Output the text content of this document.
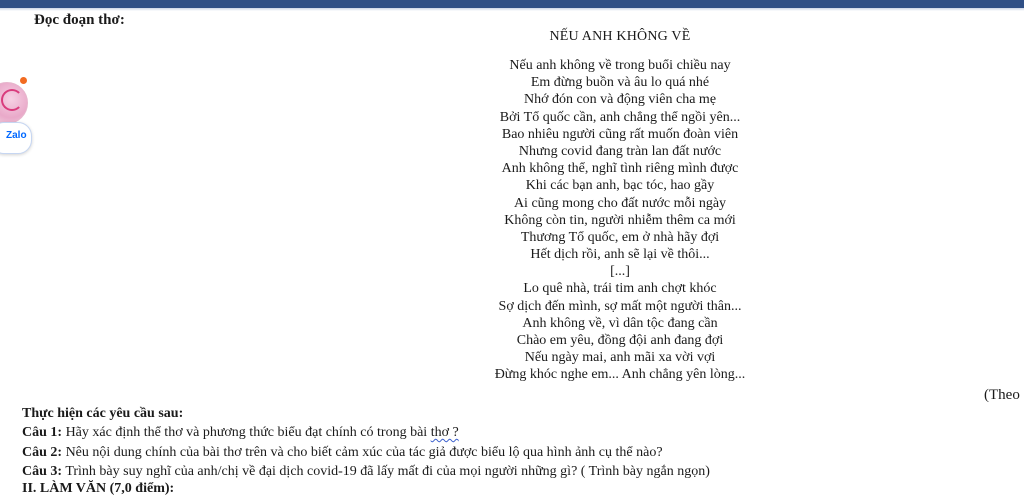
Zalo
Đọc đoạn thơ:
NẾU ANH KHÔNG VỀ
Nếu anh không về trong buổi chiều nay
Em đừng buồn và âu lo quá nhé
Nhớ đón con và động viên cha mẹ
Bởi Tổ quốc cần, anh chẳng thể ngồi yên...
Bao nhiêu người cũng rất muốn đoàn viên
Nhưng covid đang tràn lan đất nước
Anh không thể, nghĩ tình riêng mình được
Khi các bạn anh, bạc tóc, hao gầy
Ai cũng mong cho đất nước mỗi ngày
Không còn tin, người nhiễm thêm ca mới
Thương Tổ quốc, em ở nhà hãy đợi
Hết dịch rồi, anh sẽ lại về thôi...
[...]
Lo quê nhà, trái tim anh chợt khóc
Sợ dịch đến mình, sợ mất một người thân...
Anh không về, vì dân tộc đang cần
Chào em yêu, đồng đội anh đang đợi
Nếu ngày mai, anh mãi xa vời vợi
Đừng khóc nghe em... Anh chẳng yên lòng...
(Theo
Thực hiện các yêu cầu sau:
Câu 1: Hãy xác định thể thơ và phương thức biểu đạt chính có trong bài thơ ?
Câu 2: Nêu nội dung chính của bài thơ trên và cho biết cảm xúc của tác giả được biểu lộ qua hình ảnh cụ thể nào?
Câu 3: Trình bày suy nghĩ của anh/chị về đại dịch covid-19 đã lấy mất đi của mọi người những gì? ( Trình bày ngắn ngọn)
II. LÀM VĂN (7,0 điểm):
